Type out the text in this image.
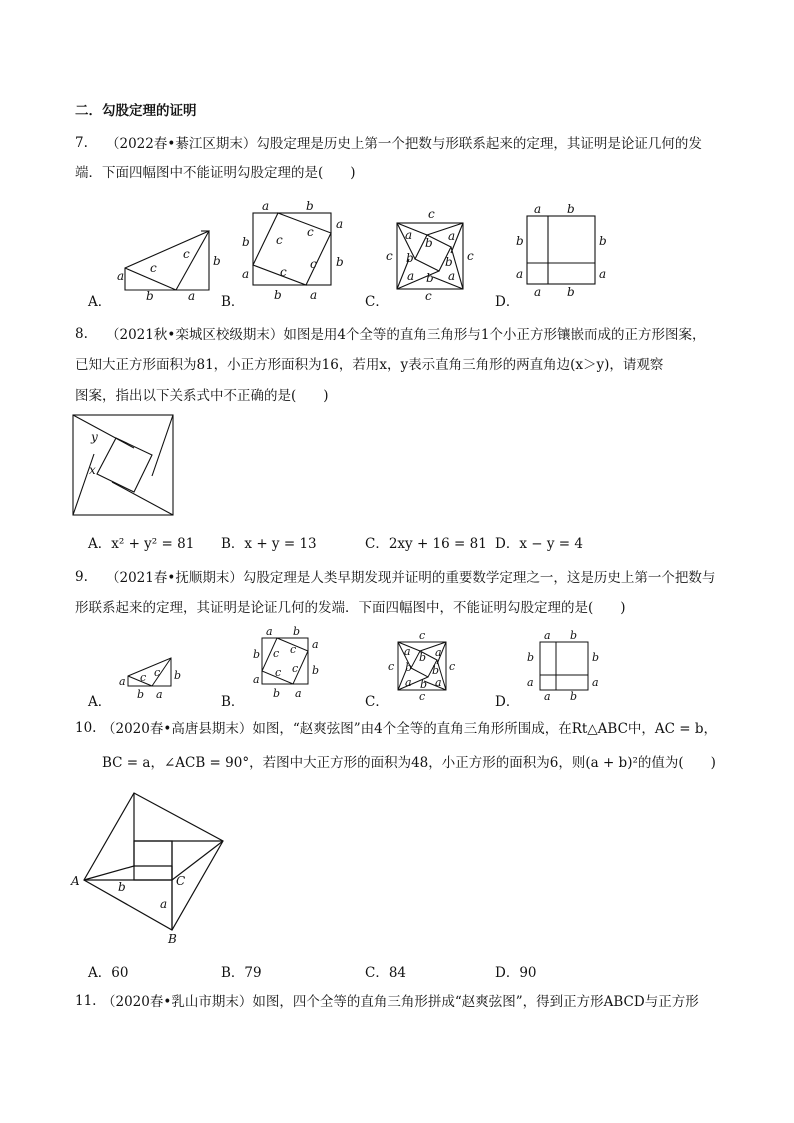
二．勾股定理的证明
7. （2022春•綦江区期末）勾股定理是历史上第一个把数与形联系起来的定理，其证明是论证几何的发
端．下面四幅图中不能证明勾股定理的是(　　)
a
b	a
b
c
c
a	b
b
a
a
b
b a
c
c
c
c
c
c	c
c
a
b a
b	b
a b a
a b
b	b
a	a
a b
A．	B．	C．	D．
8. （2021秋•栾城区校级期末）如图是用4个全等的直角三角形与1个小正方形镶嵌而成的正方形图案，
已知大正方形面积为81，小正方形面积为16，若用x，y表示直角三角形的两直角边(x＞y)，请观察
图案，指出以下关系式中不正确的是(　　)
y
x
A．x² + y² = 81 B．x + y = 13	C．2xy + 16 = 81 D．x − y = 4
9. （2021春•抚顺期末）勾股定理是人类早期发现并证明的重要数学定理之一，这是历史上第一个把数与
形联系起来的定理，其证明是论证几何的发端．下面四幅图中，不能证明勾股定理的是(　　)
a
b a
b
c c
a b
b
a
a
b
b a
c c
c
c
c
c	c
c
a b a
b b
a b a
a b
b	b
a	a
a b
A．	B．	C．	D．
10. （2020春•高唐县期末）如图，“赵爽弦图”由4个全等的直角三角形所围成，在Rt△ABC中，AC = b，
BC = a，∠ACB = 90°，若图中大正方形的面积为48，小正方形的面积为6，则(a + b)²的值为(　　)
A
B
C
b
a
A．60	B．79	C．84	D．90
11. （2020春•乳山市期末）如图，四个全等的直角三角形拼成“赵爽弦图”，得到正方形ABCD与正方形
